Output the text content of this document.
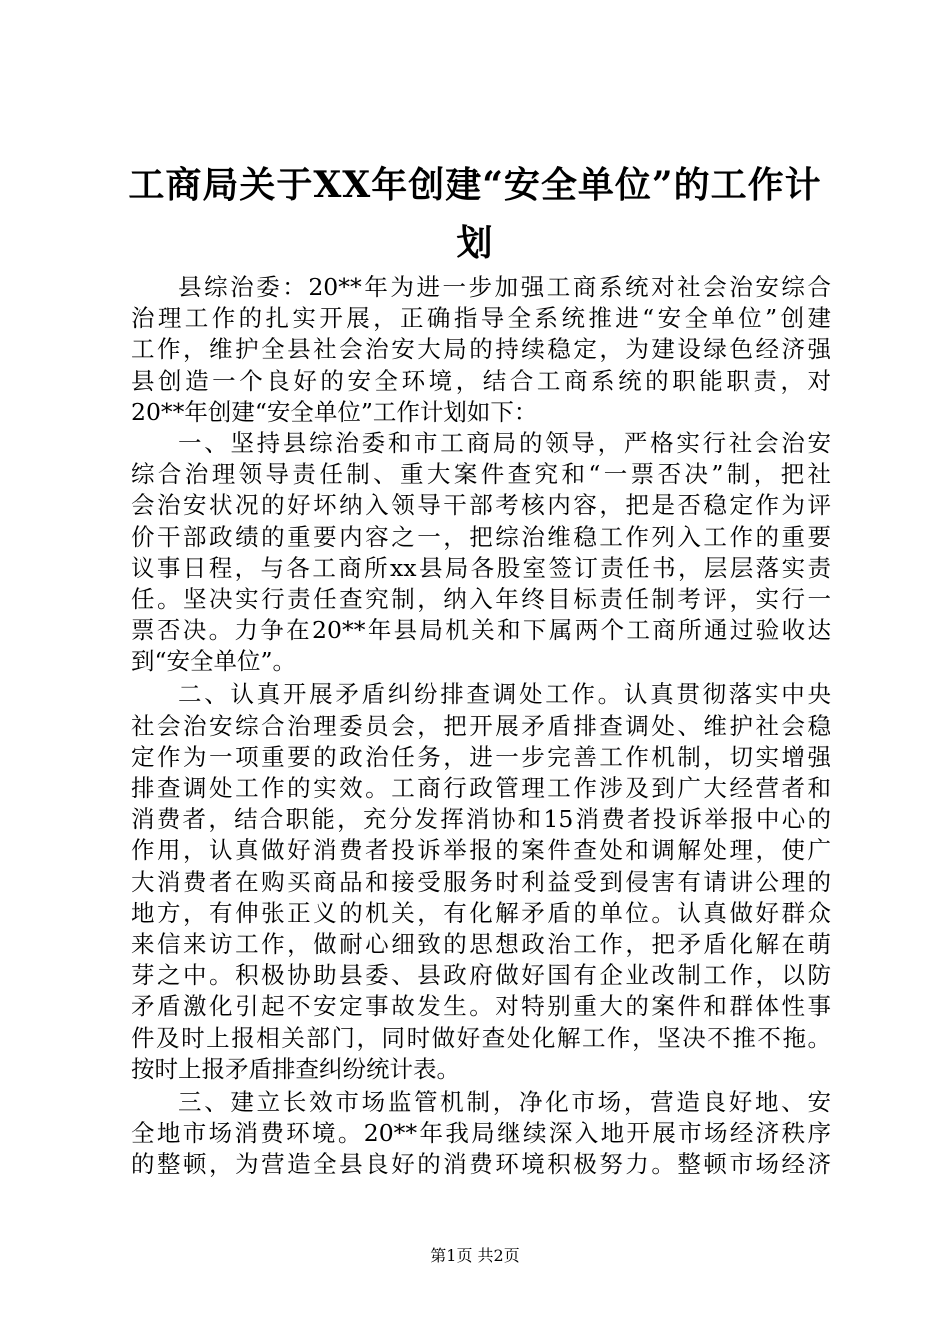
工商局关于XX年创建“安全单位”的工作计
划
县综治委：20**年为进一步加强工商系统对社会治安综合
治理工作的扎实开展，正确指导全系统推进“安全单位”创建
工作，维护全县社会治安大局的持续稳定，为建设绿色经济强
县创造一个良好的安全环境，结合工商系统的职能职责，对
20**年创建“安全单位”工作计划如下：
一、坚持县综治委和市工商局的领导，严格实行社会治安
综合治理领导责任制、重大案件查究和“一票否决”制，把社
会治安状况的好坏纳入领导干部考核内容，把是否稳定作为评
价干部政绩的重要内容之一，把综治维稳工作列入工作的重要
议事日程，与各工商所xx县局各股室签订责任书，层层落实责
任。坚决实行责任查究制，纳入年终目标责任制考评，实行一
票否决。力争在20**年县局机关和下属两个工商所通过验收达
到“安全单位”。
二、认真开展矛盾纠纷排查调处工作。认真贯彻落实中央
社会治安综合治理委员会，把开展矛盾排查调处、维护社会稳
定作为一项重要的政治任务，进一步完善工作机制，切实增强
排查调处工作的实效。工商行政管理工作涉及到广大经营者和
消费者，结合职能，充分发挥消协和15消费者投诉举报中心的
作用，认真做好消费者投诉举报的案件查处和调解处理，使广
大消费者在购买商品和接受服务时利益受到侵害有请讲公理的
地方，有伸张正义的机关，有化解矛盾的单位。认真做好群众
来信来访工作，做耐心细致的思想政治工作，把矛盾化解在萌
芽之中。积极协助县委、县政府做好国有企业改制工作，以防
矛盾激化引起不安定事故发生。对特别重大的案件和群体性事
件及时上报相关部门，同时做好查处化解工作，坚决不推不拖。
按时上报矛盾排查纠纷统计表。
三、建立长效市场监管机制，净化市场，营造良好地、安
全地市场消费环境。20**年我局继续深入地开展市场经济秩序
的整顿，为营造全县良好的消费环境积极努力。整顿市场经济
第1页 共2页
